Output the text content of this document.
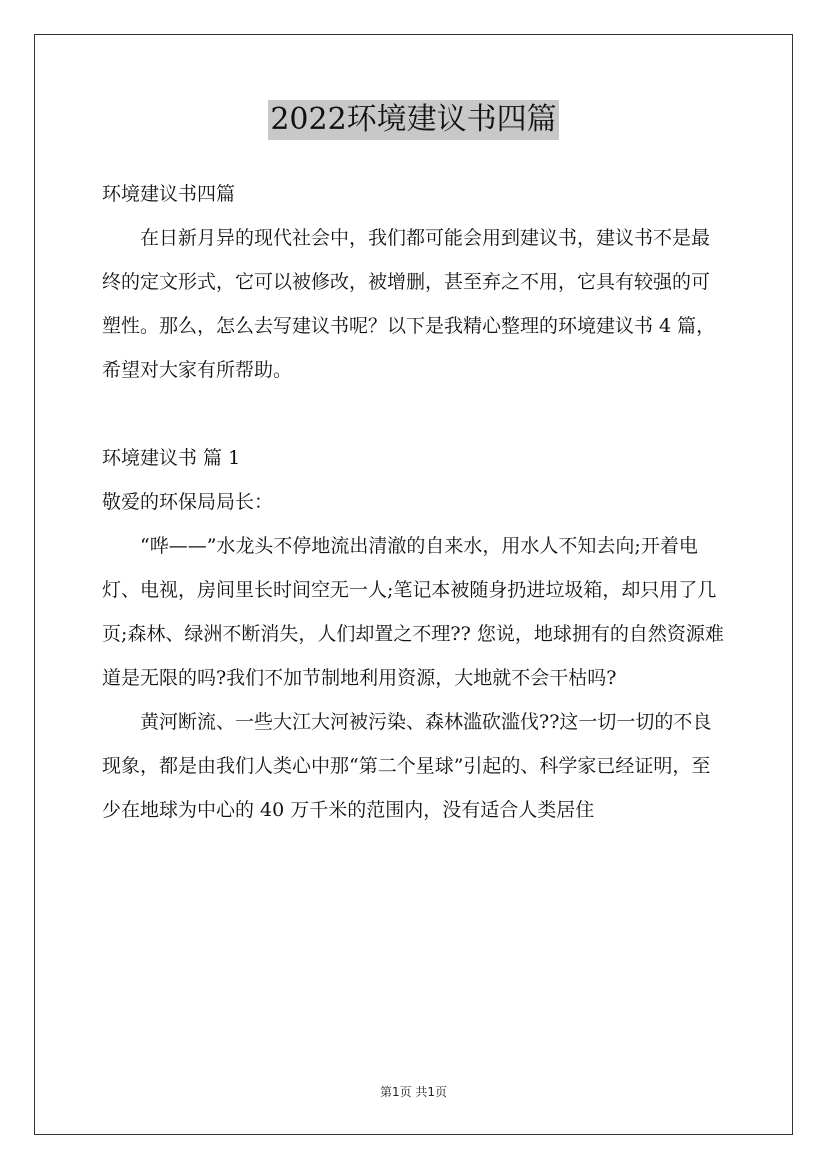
2022环境建议书四篇

环境建议书四篇

在日新月异的现代社会中，我们都可能会用到建议书，建议书不是最终的定文形式，它可以被修改，被增删，甚至弃之不用，它具有较强的可塑性。那么，怎么去写建议书呢？以下是我精心整理的环境建议书 4 篇，希望对大家有所帮助。

环境建议书 篇 1

敬爱的环保局局长：

“哗——”水龙头不停地流出清澈的自来水，用水人不知去向;开着电灯、电视，房间里长时间空无一人;笔记本被随身扔进垃圾箱，却只用了几页;森林、绿洲不断消失，人们却置之不理?? 您说，地球拥有的自然资源难道是无限的吗?我们不加节制地利用资源，大地就不会干枯吗?

黄河断流、一些大江大河被污染、森林滥砍滥伐??这一切一切的不良现象，都是由我们人类心中那“第二个星球”引起的、科学家已经证明，至少在地球为中心的 40 万千米的范围内，没有适合人类居住

第1页 共1页
